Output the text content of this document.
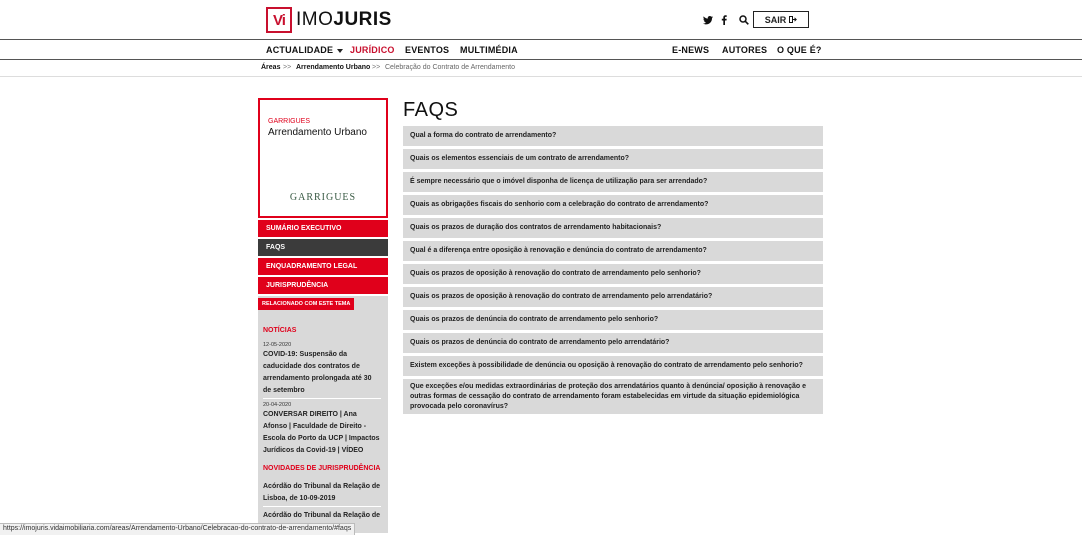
Vi IMOJURIS	SAIR
ACTUALIDADE	JURÍDICO EVENTOS MULTIMÉDIA	E-NEWS AUTORES O QUE É?
Áreas >> Arrendamento Urbano >> Celebração do Contrato de Arrendamento
GARRIGUES
Arrendamento Urbano
GARRIGUES
SUMÁRIO EXECUTIVO
FAQS
ENQUADRAMENTO LEGAL
JURISPRUDÊNCIA
RELACIONADO COM ESTE TEMA
NOTÍCIAS
12-05-2020
COVID-19: Suspensão da caducidade dos contratos de arrendamento prolongada até 30 de setembro
20-04-2020
CONVERSAR DIREITO | Ana Afonso | Faculdade de Direito - Escola do Porto da UCP | Impactos Jurídicos da Covid-19 | VÍDEO
NOVIDADES DE JURISPRUDÊNCIA
Acórdão do Tribunal da Relação de Lisboa, de 10-09-2019
Acórdão do Tribunal da Relação de
FAQS
Qual a forma do contrato de arrendamento?
Quais os elementos essenciais de um contrato de arrendamento?
É sempre necessário que o imóvel disponha de licença de utilização para ser arrendado?
Quais as obrigações fiscais do senhorio com a celebração do contrato de arrendamento?
Quais os prazos de duração dos contratos de arrendamento habitacionais?
Qual é a diferença entre oposição à renovação e denúncia do contrato de arrendamento?
Quais os prazos de oposição à renovação do contrato de arrendamento pelo senhorio?
Quais os prazos de oposição à renovação do contrato de arrendamento pelo arrendatário?
Quais os prazos de denúncia do contrato de arrendamento pelo senhorio?
Quais os prazos de denúncia do contrato de arrendamento pelo arrendatário?
Existem exceções à possibilidade de denúncia ou oposição à renovação do contrato de arrendamento pelo senhorio?
Que exceções e/ou medidas extraordinárias de proteção dos arrendatários quanto à denúncia/ oposição à renovação e outras formas de cessação do contrato de arrendamento foram estabelecidas em virtude da situação epidemiológica provocada pelo coronavírus?
https://imojuris.vidaimobiliaria.com/areas/Arrendamento-Urbano/Celebracao-do-contrato-de-arrendamento/#faqs
